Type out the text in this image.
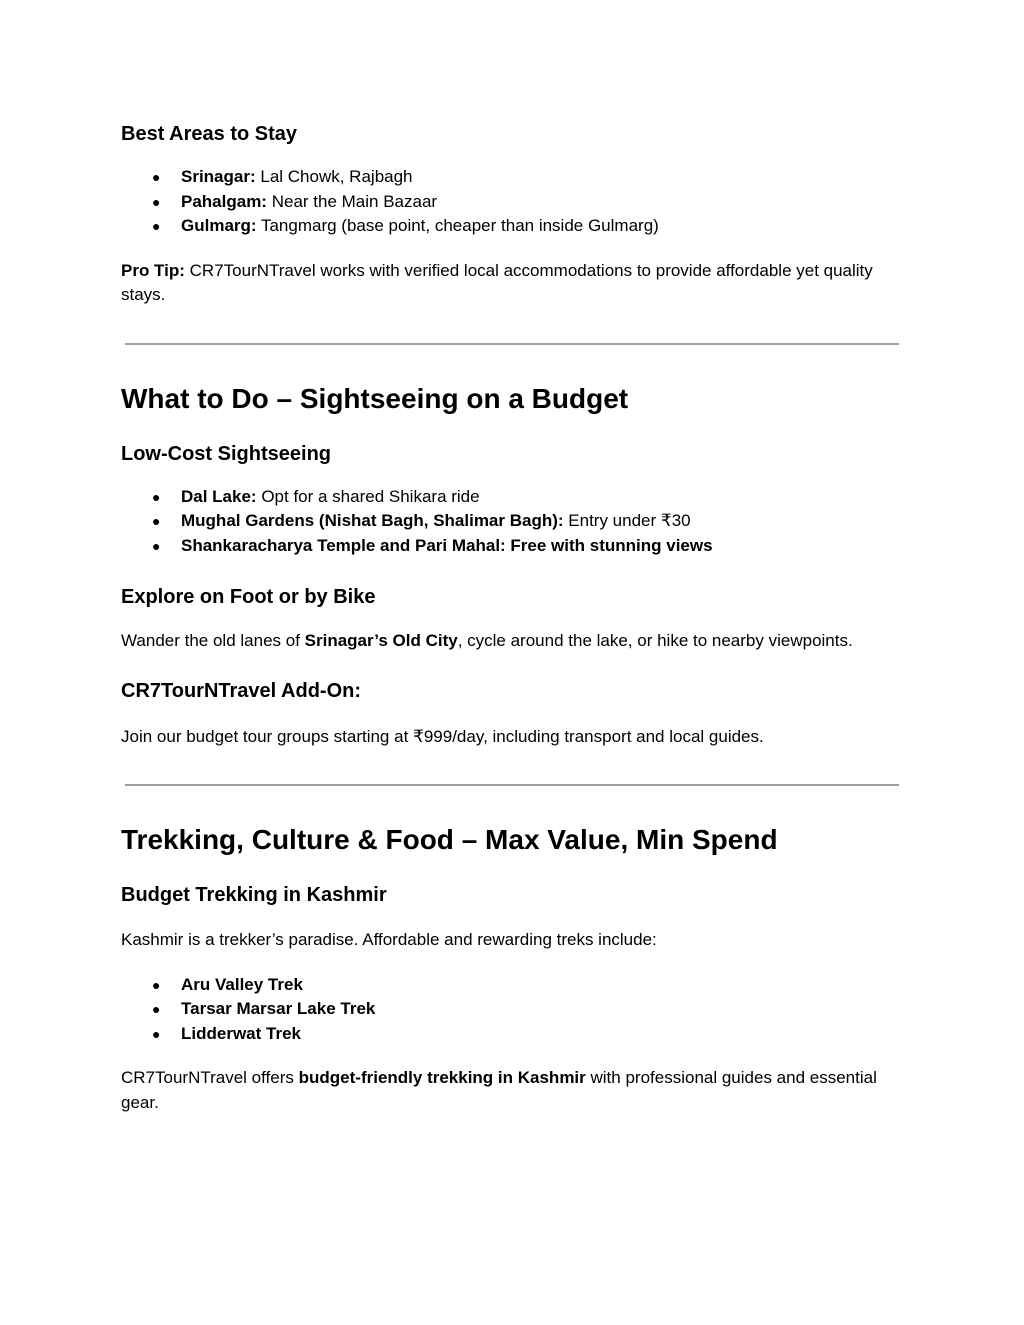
Best Areas to Stay
● Srinagar: Lal Chowk, Rajbagh
● Pahalgam: Near the Main Bazaar
● Gulmarg: Tangmarg (base point, cheaper than inside Gulmarg)

Pro Tip: CR7TourNTravel works with verified local accommodations to provide affordable yet quality stays.

What to Do – Sightseeing on a Budget
Low-Cost Sightseeing
● Dal Lake: Opt for a shared Shikara ride
● Mughal Gardens (Nishat Bagh, Shalimar Bagh): Entry under ₹30
● Shankaracharya Temple and Pari Mahal: Free with stunning views
Explore on Foot or by Bike

Wander the old lanes of Srinagar’s Old City, cycle around the lake, or hike to nearby viewpoints.

CR7TourNTravel Add-On:

Join our budget tour groups starting at ₹999/day, including transport and local guides.

Trekking, Culture & Food – Max Value, Min Spend
Budget Trekking in Kashmir

Kashmir is a trekker’s paradise. Affordable and rewarding treks include:

● Aru Valley Trek
● Tarsar Marsar Lake Trek
● Lidderwat Trek

CR7TourNTravel offers budget-friendly trekking in Kashmir with professional guides and essential gear.
